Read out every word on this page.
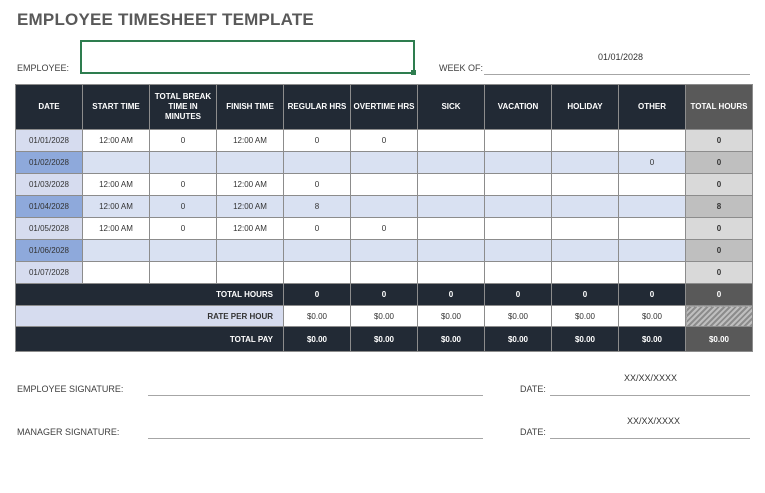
EMPLOYEE TIMESHEET TEMPLATE
EMPLOYEE:	WEEK OF:
01/01/2028
DATE	START TIME	TOTAL BREAK TIME IN MINUTES	FINISH TIME	REGULAR HRS	OVERTIME HRS	SICK	VACATION	HOLIDAY	OTHER	TOTAL HOURS
01/01/2028	12:00 AM	0	12:00 AM	0	0					0
01/02/2028									0	0
01/03/2028	12:00 AM	0	12:00 AM	0						0
01/04/2028	12:00 AM	0	12:00 AM	8						8
01/05/2028	12:00 AM	0	12:00 AM	0	0					0
01/06/2028										0
01/07/2028										0
TOTAL HOURS				0	0	0	0	0	0	0
RATE PER HOUR				$0.00	$0.00	$0.00	$0.00	$0.00	$0.00	
TOTAL PAY				$0.00	$0.00	$0.00	$0.00	$0.00	$0.00	$0.00
EMPLOYEE SIGNATURE:	DATE:
XX/XX/XXXX
MANAGER SIGNATURE:	DATE:
XX/XX/XXXX
